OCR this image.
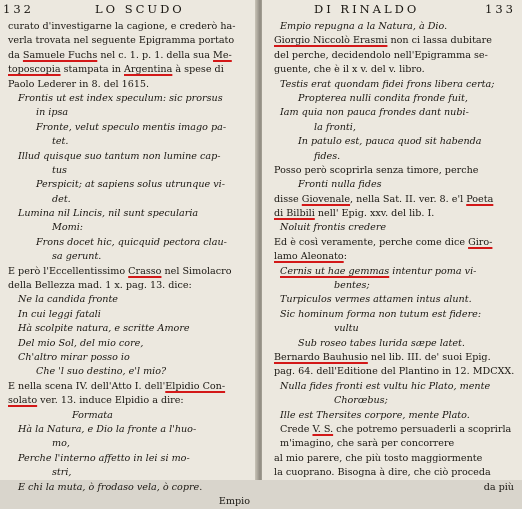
132	LO SCUDO
curato d'investigarne la cagione, e crederò ha-
verla trovata nel seguente Epigramma portato
da Samuele Fuchs nel c. 1. p. 1. della sua Me-
toposcopia stampata in Argentina à spese di
Paolo Lederer in 8. del 1615.
Frontis ut est index speculum: sic prorsus
in ipsa
Fronte, velut speculo mentis imago pa-
tet.
Illud quisque suo tantum non lumine cap-
tus
Perspicit; at sapiens solus utrunque vi-
det.
Lumina nil Lincis, nil sunt specularia
Momi:
Frons docet hic, quicquid pectora clau-
sa gerunt.
E però l'Eccellentissimo Crasso nel Simolacro
della Bellezza mad. 1 x. pag. 13. dice:
Ne la candida fronte
In cui leggi fatali
Hà scolpite natura, e scritte Amore
Del mio Sol, del mio core,
Ch'altro mirar posso io
Che 'l suo destino, e'l mio?
E nella scena IV. dell'Atto I. dell'Elpidio Con-
solato ver. 13. induce Elpidio a dire:
Formata
Hà la Natura, e Dio la fronte a l'huo-
mo,
Perche l'interno affetto in lei si mo-
stri,
E chi la muta, ò frodaso vela, ò copre.
Empio
DI RINALDO	133
Empio repugna a la Natura, à Dio.
Giorgio Niccolò Erasmi non ci lassa dubitare
del perche, decidendolo nell'Epigramma se-
guente, che è il x v. del v. libro.
Testis erat quondam fidei frons libera certa;
Propterea nulli condita fronde fuit,
Iam quia non pauca frondes dant nubi-
la fronti,
In patulo est, pauca quod sit habenda
fides.
Posso però scoprirla senza timore, perche
Fronti nulla fides
disse Giovenale, nella Sat. II. ver. 8. e'l Poeta
di Bilbili nell' Epig. xxv. del lib. I.
Noluit frontis credere
Ed è così veramente, perche come dice Giro-
lamo Aleonato:
Cernis ut hae gemmas intentur poma vi-
bentes;
Turpiculos vermes attamen intus alunt.
Sic hominum forma non tutum est fidere:
vultu
Sub roseo tabes lurida sæpe latet.
Bernardo Bauhusio nel lib. III. de' suoi Epig.
pag. 64. dell'Editione del Plantino in 12. MDCXX.
Nulla fides fronti est vultu hic Plato, mente
Chorœbus;
Ille est Thersites corpore, mente Plato.
Crede V. S. che potremo persuaderli a scoprirla
m'imagino, che sarà per concorrere
al mio parere, che più tosto maggiormente
la cuoprano. Bisogna à dire, che ciò proceda
da più
